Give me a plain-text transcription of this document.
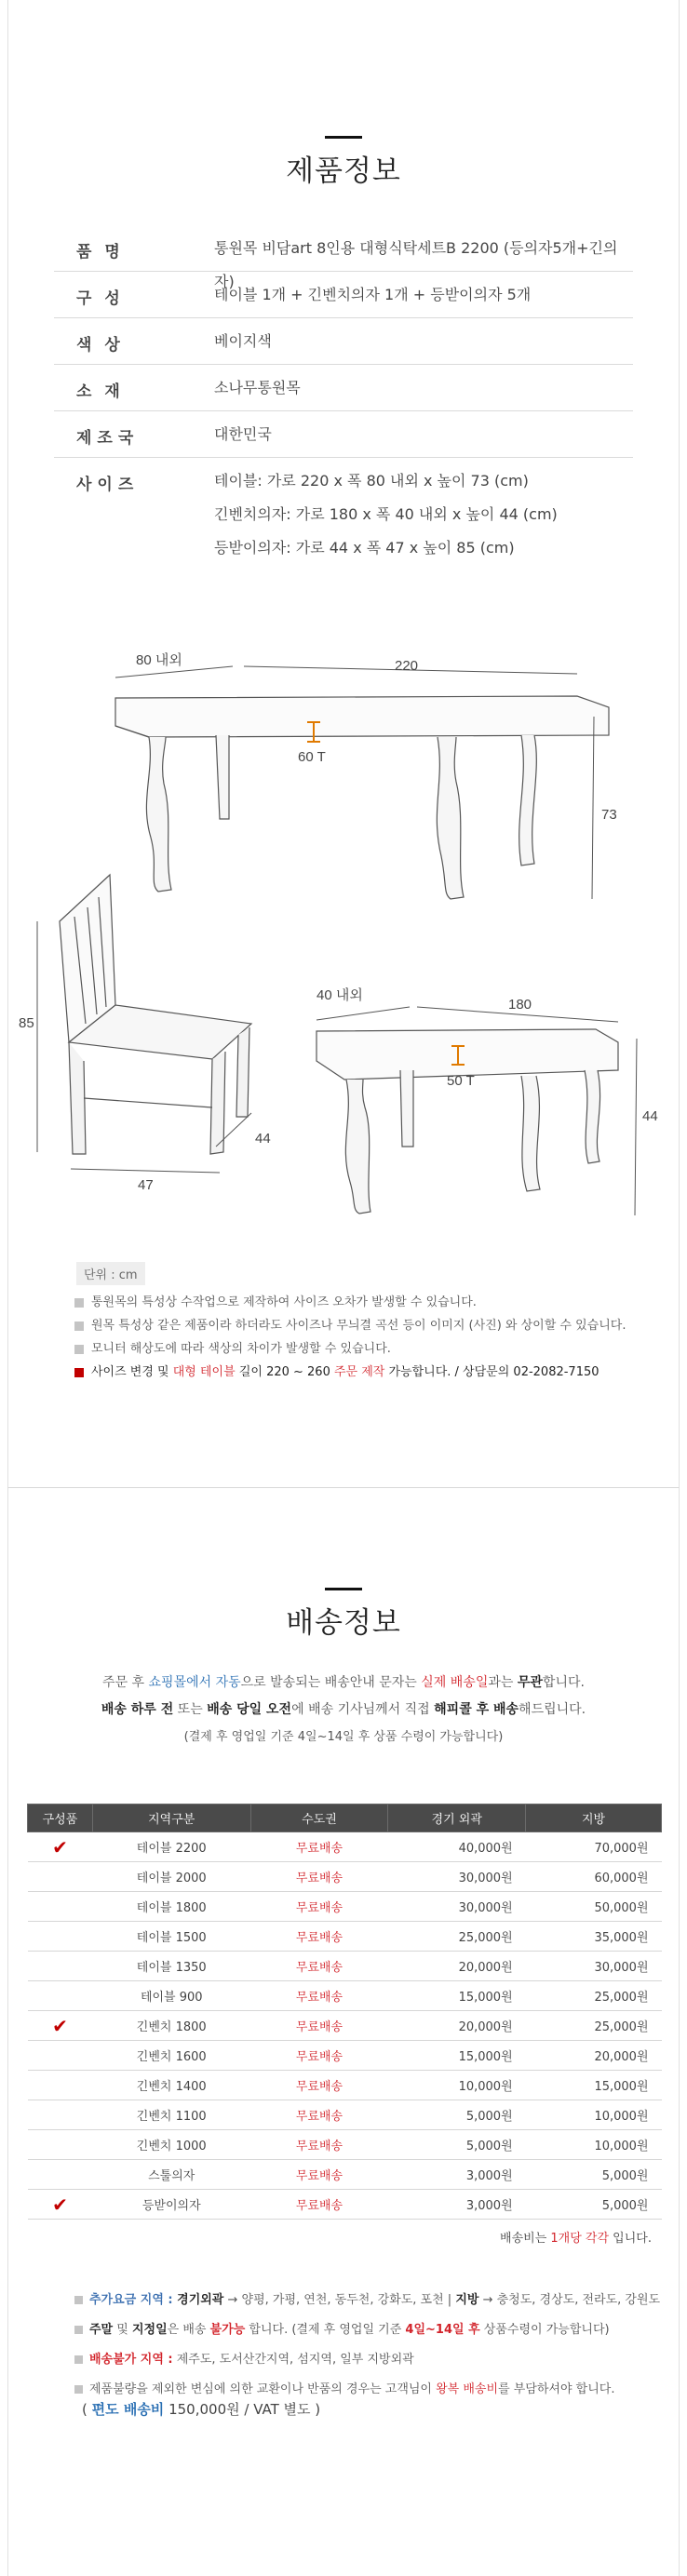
제품정보
품명	통원목 비담art 8인용 대형식탁세트B 2200 (등의자5개+긴의자)
구성	테이블 1개 + 긴벤치의자 1개 + 등받이의자 5개
색상	베이지색
소재	소나무통원목
제조국	대한민국
사이즈	테이블: 가로 220 x 폭 80 내외 x 높이 73 (cm)
긴벤치의자: 가로 180 x 폭 40 내외 x 높이 44 (cm)
등받이의자: 가로 44 x 폭 47 x 높이 85 (cm)
80 내외	220
60 T
73
85
44
47
40 내외
180
50 T
44
단위 : cm
통원목의 특성상 수작업으로 제작하여 사이즈 오차가 발생할 수 있습니다.
원목 특성상 같은 제품이라 하더라도 사이즈나 무늬결 곡선 등이 이미지 (사진) 와 상이할 수 있습니다.
모니터 해상도에 따라 색상의 차이가 발생할 수 있습니다.
사이즈 변경 및 대형 테이블 길이 220 ~ 260 주문 제작 가능합니다. / 상담문의 02-2082-7150
배송정보
주문 후 쇼핑몰에서 자동으로 발송되는 배송안내 문자는 실제 배송일과는 무관합니다.
배송 하루 전 또는 배송 당일 오전에 배송 기사님께서 직접 해피콜 후 배송해드립니다.
(결제 후 영업일 기준 4일~14일 후 상품 수령이 가능합니다)
구성품	지역구분	수도권	경기 외곽	지방
✔	테이블 2200	무료배송	40,000원	70,000원
	테이블 2000	무료배송	30,000원	60,000원
	테이블 1800	무료배송	30,000원	50,000원
	테이블 1500	무료배송	25,000원	35,000원
	테이블 1350	무료배송	20,000원	30,000원
	테이블 900	무료배송	15,000원	25,000원
✔	긴벤치 1800	무료배송	20,000원	25,000원
	긴벤치 1600	무료배송	15,000원	20,000원
	긴벤치 1400	무료배송	10,000원	15,000원
	긴벤치 1100	무료배송	5,000원	10,000원
	긴벤치 1000	무료배송	5,000원	10,000원
	스툴의자	무료배송	3,000원	5,000원
✔	등받이의자	무료배송	3,000원	5,000원
배송비는 1개당 각각 입니다.
추가요금 지역 : 경기외곽 → 양평, 가평, 연천, 동두천, 강화도, 포천 | 지방 → 충청도, 경상도, 전라도, 강원도
주말 및 지정일은 배송 불가능 합니다. (결제 후 영업일 기준 4일~14일 후 상품수령이 가능합니다)
배송불가 지역 : 제주도, 도서산간지역, 섬지역, 일부 지방외곽
제품불량을 제외한 변심에 의한 교환이나 반품의 경우는 고객님이 왕복 배송비를 부담하셔야 합니다.
( 편도 배송비 150,000원 / VAT 별도 )
